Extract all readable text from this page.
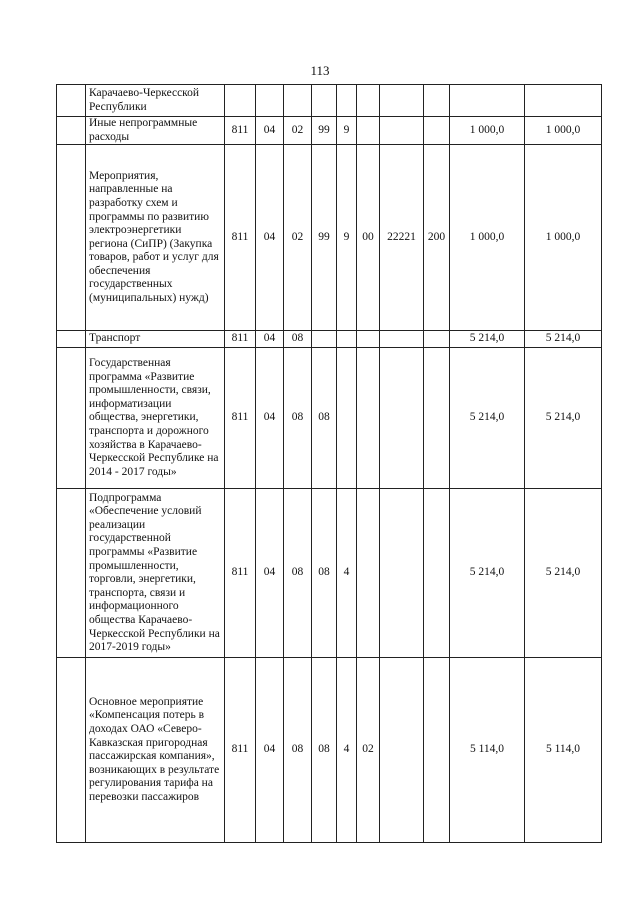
113
	Карачаево-Черкесской Республики										
	Иные непрограммные расходы	811	04	02	99	9				1 000,0	1 000,0
	Мероприятия, направленные на разработку схем и программы по развитию электроэнергетики региона (СиПР) (Закупка товаров, работ и услуг для обеспечения государственных (муниципальных) нужд)	811	04	02	99	9	00	22221	200	1 000,0	1 000,0
	Транспорт	811	04	08						5 214,0	5 214,0
	Государственная программа «Развитие промышленности, связи, информатизации общества, энергетики, транспорта и дорожного хозяйства в Карачаево-Черкесской Республике на 2014 - 2017 годы»	811	04	08	08					5 214,0	5 214,0
	Подпрограмма «Обеспечение условий реализации государственной программы «Развитие промышленности, торговли, энергетики, транспорта, связи и информационного общества Карачаево-Черкесской Республики на 2017-2019 годы»	811	04	08	08	4				5 214,0	5 214,0
	Основное мероприятие «Компенсация потерь в доходах ОАО «Северо-Кавказская пригородная пассажирская компания», возникающих в результате регулирования тарифа на перевозки пассажиров	811	04	08	08	4	02			5 114,0	5 114,0
